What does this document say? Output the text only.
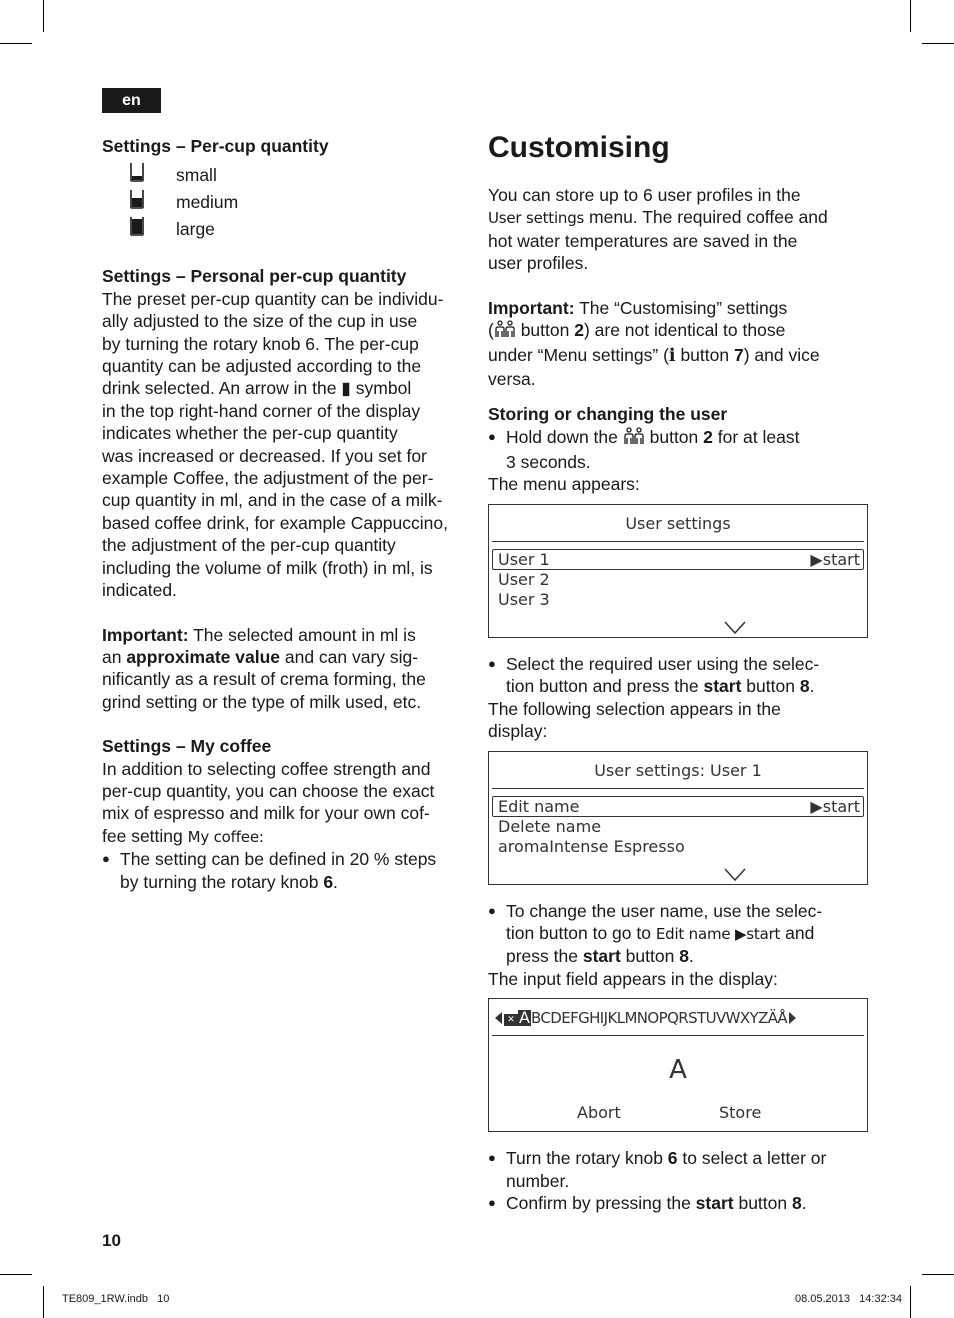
en
Settings – Per-cup quantity
small
medium
large
Settings – Personal per-cup quantity

The preset per-cup quantity can be individu-

ally adjusted to the size of the cup in use

by turning the rotary knob 6. The per-cup

quantity can be adjusted according to the

drink selected. An arrow in the ▮ symbol

in the top right-hand corner of the display

indicates whether the per-cup quantity

was increased or decreased. If you set for

example Coffee, the adjustment of the per-

cup quantity in ml, and in the case of a milk-

based coffee drink, for example Cappuccino,

the adjustment of the per-cup quantity

including the volume of milk (froth) in ml, is

indicated.

Important: The selected amount in ml is

an approximate value and can vary sig-

nificantly as a result of crema forming, the

grind setting or the type of milk used, etc.

Settings – My coffee

In addition to selecting coffee strength and

per-cup quantity, you can choose the exact

mix of espresso and milk for your own cof-

fee setting My coffee:

● The setting can be defined in 20 % steps

by turning the rotary knob 6.

Customising

You can store up to 6 user profiles in the

User settings menu. The required coffee and

hot water temperatures are saved in the

user profiles.

Important: The “Customising” settings

( button 2) are not identical to those

under “Menu settings” (i button 7) and vice

versa.

Storing or changing the user

● Hold down the  button 2 for at least

3 seconds.

The menu appears:

User settings
User 1	▶start
User 2
User 3

● Select the required user using the selec-

tion button and press the start button 8.

The following selection appears in the

display:

User settings: User 1
Edit name	▶start
Delete name
aromaIntense Espresso

● To change the user name, use the selec-

tion button to go to Edit name ▶start and

press the start button 8.

The input field appears in the display:

✕ ABCDEFGHIJKLMNOPQRSTUVWXYZÄÅ
A
Abort	Store

● Turn the rotary knob 6 to select a letter or

number.

● Confirm by pressing the start button 8.

10
TE809_1RW.indb   10	08.05.2013   14:32:34
